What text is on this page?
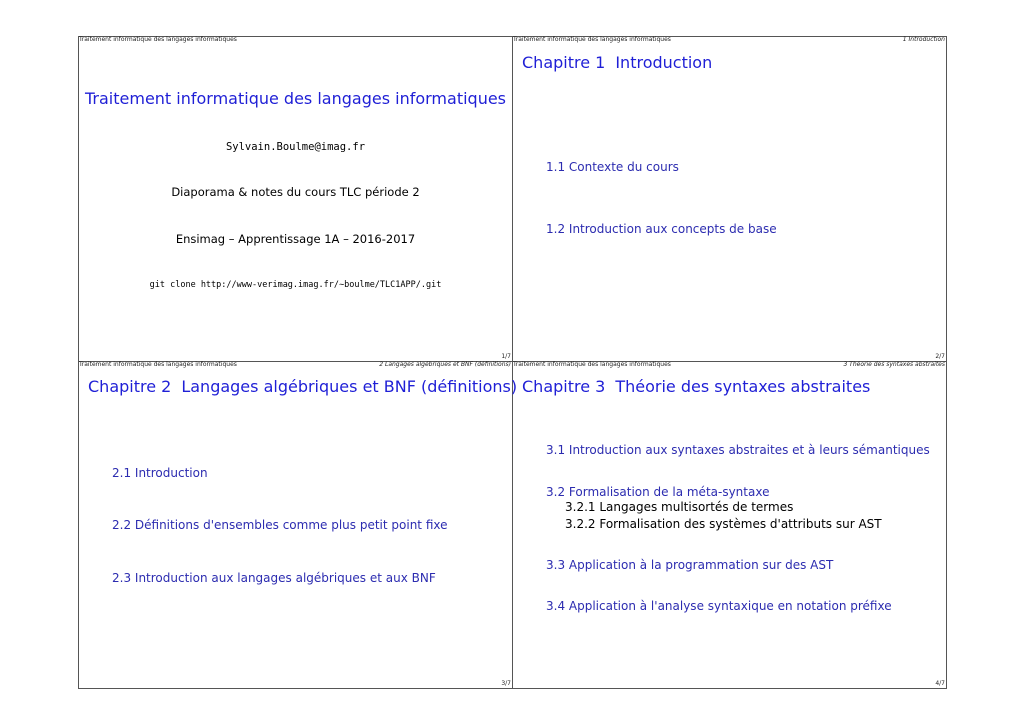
Traitement informatique des langages informatiques
Traitement informatique des langages informatiques
Sylvain.Boulme@imag.fr
Diaporama & notes du cours TLC période 2
Ensimag – Apprentissage 1A – 2016-2017
git clone http://www-verimag.imag.fr/∼boulme/TLC1APP/.git
1/7
Traitement informatique des langages informatiques	1 Introduction
Chapitre 1 Introduction
1.1 Contexte du cours
1.2 Introduction aux concepts de base
2/7
Traitement informatique des langages informatiques	2 Langages algébriques et BNF (définitions)
Chapitre 2 Langages algébriques et BNF (définitions)
2.1 Introduction
2.2 Définitions d'ensembles comme plus petit point fixe
2.3 Introduction aux langages algébriques et aux BNF
3/7
Traitement informatique des langages informatiques	3 Théorie des syntaxes abstraites
Chapitre 3 Théorie des syntaxes abstraites
3.1 Introduction aux syntaxes abstraites et à leurs sémantiques
3.2 Formalisation de la méta-syntaxe
3.2.1 Langages multisortés de termes
3.2.2 Formalisation des systèmes d'attributs sur AST
3.3 Application à la programmation sur des AST
3.4 Application à l'analyse syntaxique en notation préfixe
4/7
